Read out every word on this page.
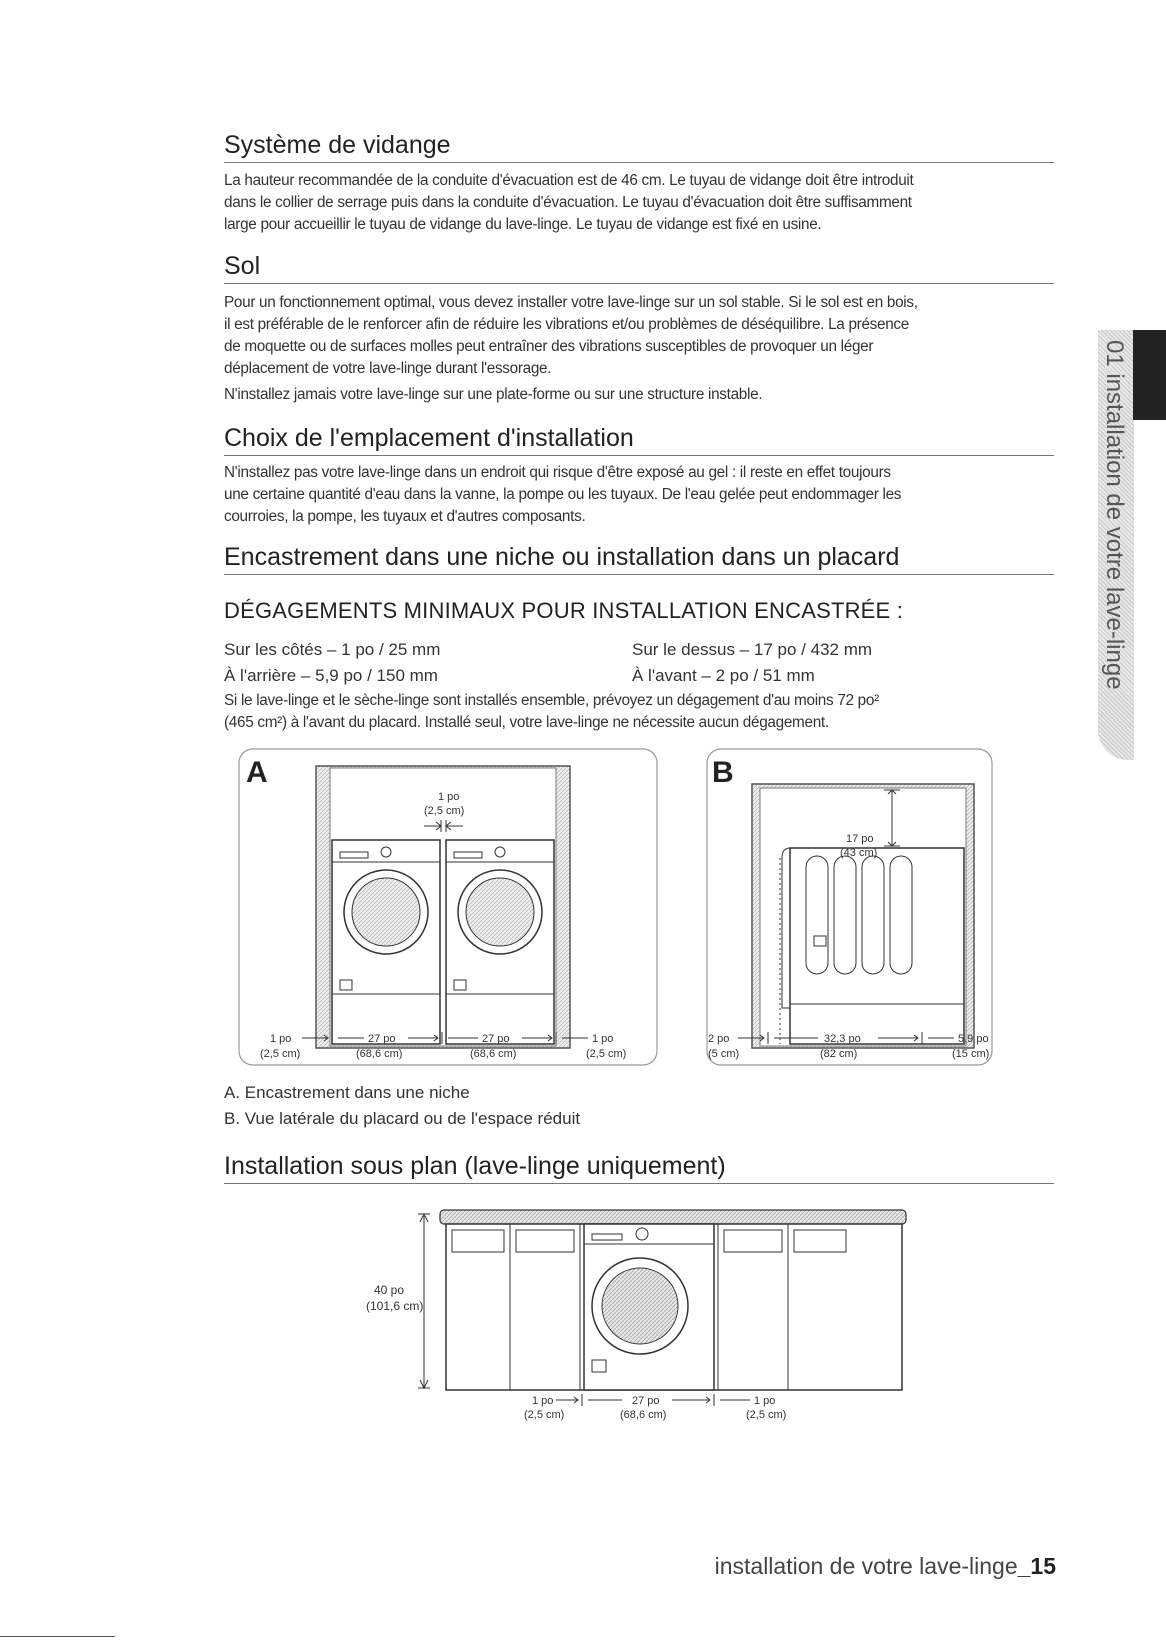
Système de vidange

La hauteur recommandée de la conduite d'évacuation est de 46 cm. Le tuyau de vidange doit être introduit

dans le collier de serrage puis dans la conduite d'évacuation. Le tuyau d'évacuation doit être suffisamment

large pour accueillir le tuyau de vidange du lave-linge. Le tuyau de vidange est fixé en usine.

Sol

Pour un fonctionnement optimal, vous devez installer votre lave-linge sur un sol stable. Si le sol est en bois,

il est préférable de le renforcer afin de réduire les vibrations et/ou problèmes de déséquilibre. La présence

de moquette ou de surfaces molles peut entraîner des vibrations susceptibles de provoquer un léger

déplacement de votre lave-linge durant l'essorage.

N'installez jamais votre lave-linge sur une plate-forme ou sur une structure instable.

Choix de l'emplacement d'installation

N'installez pas votre lave-linge dans un endroit qui risque d'être exposé au gel : il reste en effet toujours

une certaine quantité d'eau dans la vanne, la pompe ou les tuyaux. De l'eau gelée peut endommager les

courroies, la pompe, les tuyaux et d'autres composants.

Encastrement dans une niche ou installation dans un placard

DÉGAGEMENTS MINIMAUX POUR INSTALLATION ENCASTRÉE :

Sur les côtés – 1 po / 25 mm	Sur le dessus – 17 po / 432 mm

À l'arrière – 5,9 po / 150 mm	À l'avant – 2 po / 51 mm

Si le lave-linge et le sèche-linge sont installés ensemble, prévoyez un dégagement d'au moins 72 po²

(465 cm²) à l'avant du placard. Installé seul, votre lave-linge ne nécessite aucun dégagement.

A. Encastrement dans une niche

B. Vue latérale du placard ou de l'espace réduit

Installation sous plan (lave-linge uniquement)
A
1 po
(2,5 cm)
1 po
(2,5 cm)
27 po
(68,6 cm)
27 po
(68,6 cm)
1 po
(2,5 cm)
B
17 po
(43 cm)
2 po
(5 cm)
32,3 po
(82 cm)
5,9 po
(15 cm)
40 po
(101,6 cm)
1 po
(2,5 cm)
27 po
(68,6 cm)
1 po
(2,5 cm)
01 installation de votre lave-linge
installation de votre lave-linge_15
